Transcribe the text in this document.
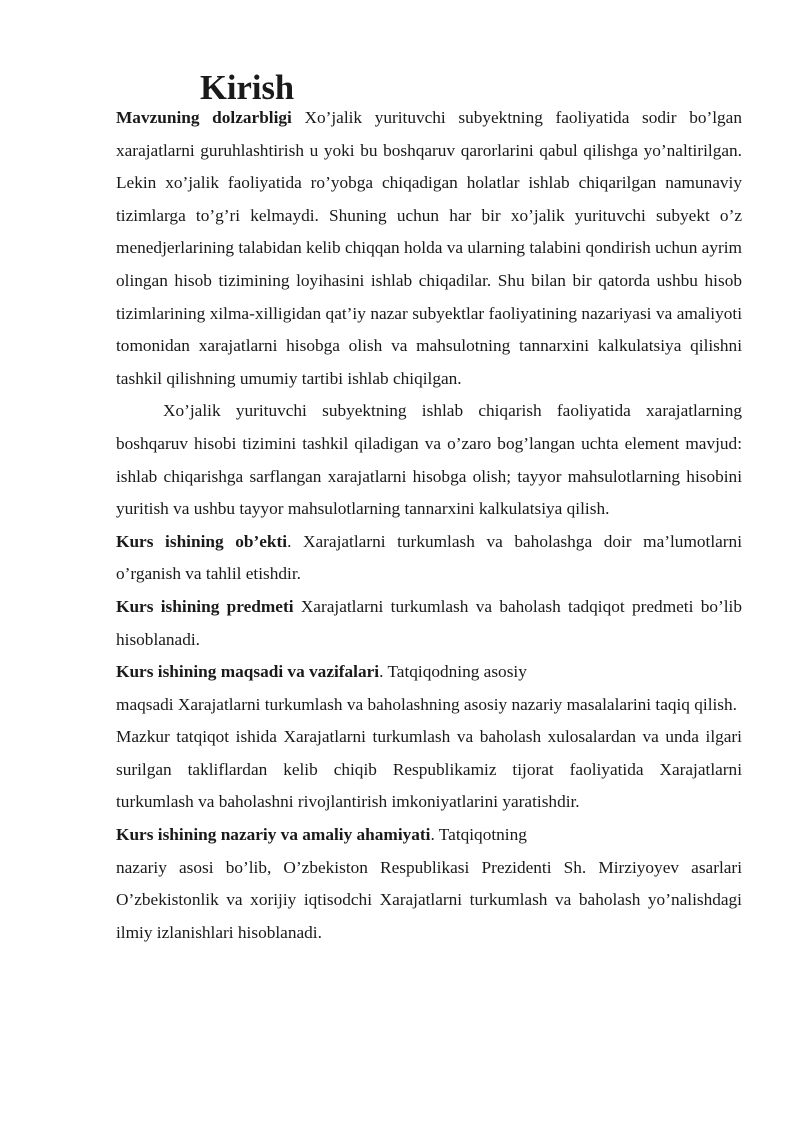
Kirish

Mavzuning dolzarbligi Xo’jalik yurituvchi subyektning faoliyatida sodir bo’lgan xarajatlarni guruhlashtirish u yoki bu boshqaruv qarorlarini qabul qilishga yo’naltirilgan. Lekin xo’jalik faoliyatida ro’yobga chiqadigan holatlar ishlab chiqarilgan namunaviy tizimlarga to’g’ri kelmaydi. Shuning uchun har bir xo’jalik yurituvchi subyekt o’z menedjerlarining talabidan kelib chiqqan holda va ularning talabini qondirish uchun ayrim olingan hisob tizimining loyihasini ishlab chiqadilar. Shu bilan bir qatorda ushbu hisob tizimlarining xilma-xilligidan qat’iy nazar subyektlar faoliyatining nazariyasi va amaliyoti tomonidan xarajatlarni hisobga olish va mahsulotning tannarxini kalkulatsiya qilishni tashkil qilishning umumiy tartibi ishlab chiqilgan.

Xo’jalik yurituvchi subyektning ishlab chiqarish faoliyatida xarajatlarning boshqaruv hisobi tizimini tashkil qiladigan va o’zaro bog’langan uchta element mavjud: ishlab chiqarishga sarflangan xarajatlarni hisobga olish; tayyor mahsulotlarning hisobini yuritish va ushbu tayyor mahsulotlarning tannarxini kalkulatsiya qilish.

Kurs ishining ob’ekti. Xarajatlarni turkumlash va baholashga doir ma’lumotlarni o’rganish va tahlil etishdir.

Kurs ishining predmeti Xarajatlarni turkumlash va baholash tadqiqot predmeti bo’lib hisoblanadi.

Kurs ishining maqsadi va vazifalari. Tatqiqodning asosiy

maqsadi Xarajatlarni turkumlash va baholashning asosiy nazariy masalalarini taqiq qilish.

Mazkur tatqiqot ishida Xarajatlarni turkumlash va baholash xulosalardan va unda ilgari surilgan takliflardan kelib chiqib Respublikamiz tijorat faoliyatida Xarajatlarni turkumlash va baholashni rivojlantirish imkoniyatlarini yaratishdir.

Kurs ishining nazariy va amaliy ahamiyati. Tatqiqotning

nazariy asosi bo’lib, O’zbekiston Respublikasi Prezidenti Sh. Mirziyoyev asarlari O’zbekistonlik va xorijiy iqtisodchi Xarajatlarni turkumlash va baholash yo’nalishdagi ilmiy izlanishlari hisoblanadi.
